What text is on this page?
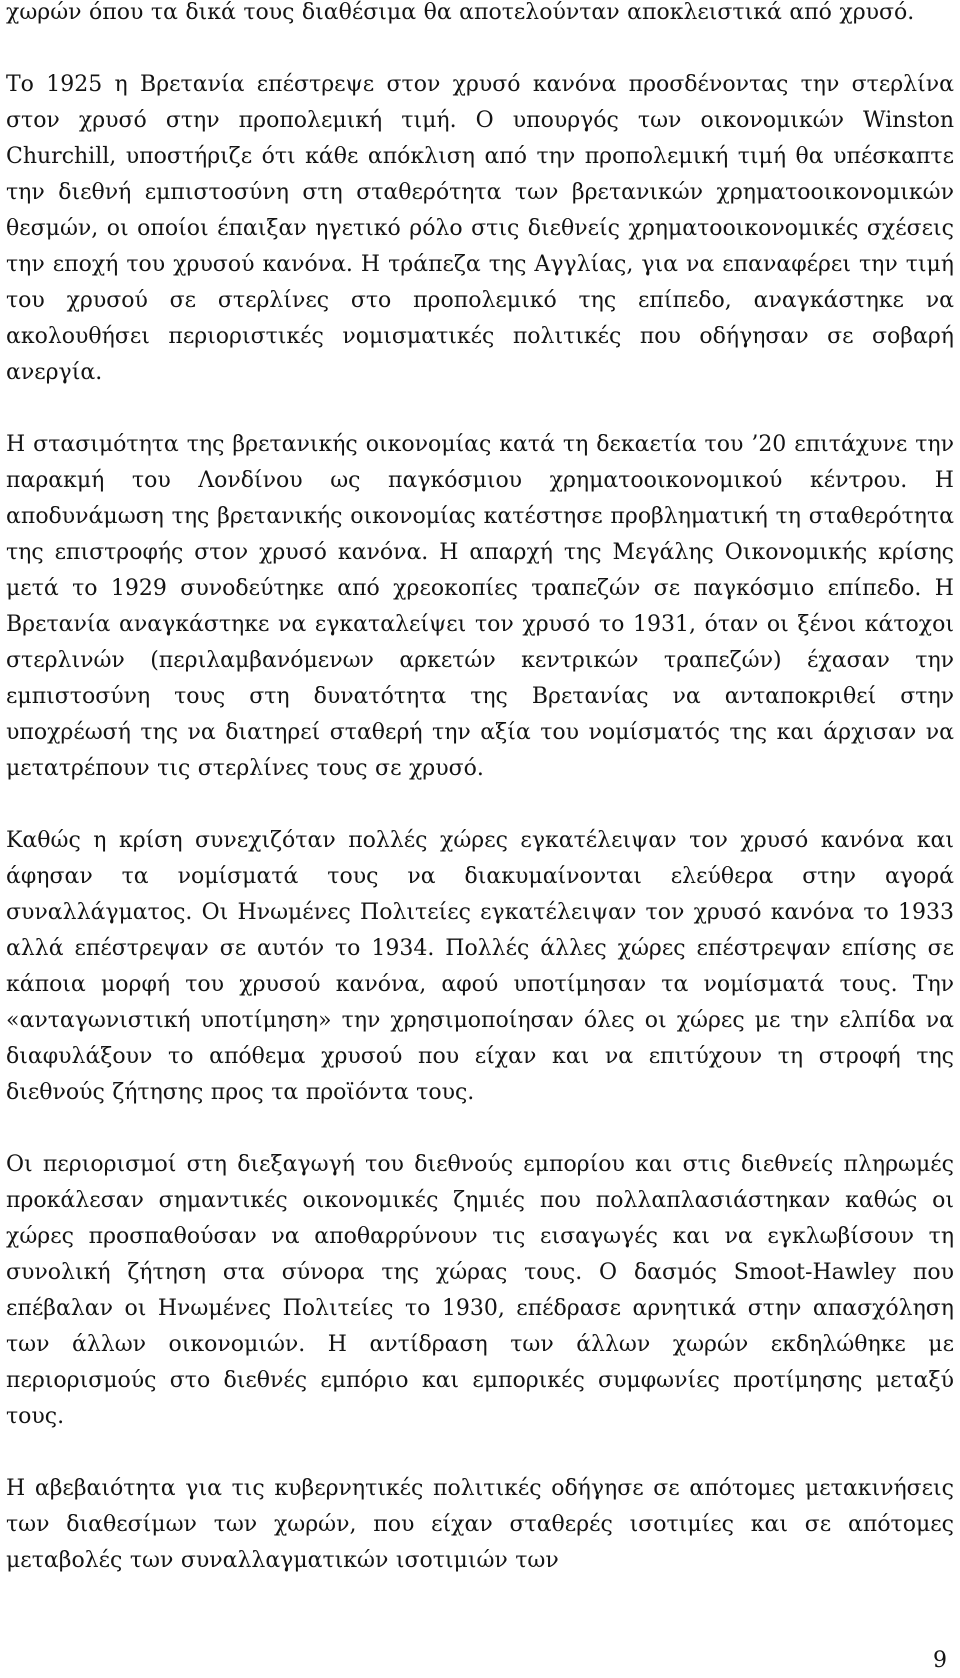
χωρών όπου τα δικά τους διαθέσιμα θα αποτελούνταν αποκλειστικά από χρυσό.

Το 1925 η Βρετανία επέστρεψε στον χρυσό κανόνα προσδένοντας την στερλίνα στον χρυσό στην προπολεμική τιμή. Ο υπουργός των οικονομικών Winston Churchill, υποστήριζε ότι κάθε απόκλιση από την προπολεμική τιμή θα υπέσκαπτε την διεθνή εμπιστοσύνη στη σταθερότητα των βρετανικών χρηματοοικονομικών θεσμών, οι οποίοι έπαιξαν ηγετικό ρόλο στις διεθνείς χρηματοοικονομικές σχέσεις την εποχή του χρυσού κανόνα. Η τράπεζα της Αγγλίας, για να επαναφέρει την τιμή του χρυσού σε στερλίνες στο προπολεμικό της επίπεδο, αναγκάστηκε να ακολουθήσει περιοριστικές νομισματικές πολιτικές που οδήγησαν σε σοβαρή ανεργία.

Η στασιμότητα της βρετανικής οικονομίας κατά τη δεκαετία του ’20 επιτάχυνε την παρακμή του Λονδίνου ως παγκόσμιου χρηματοοικονομικού κέντρου. Η αποδυνάμωση της βρετανικής οικονομίας κατέστησε προβληματική τη σταθερότητα της επιστροφής στον χρυσό κανόνα. Η απαρχή της Μεγάλης Οικονομικής κρίσης μετά το 1929 συνοδεύτηκε από χρεοκοπίες τραπεζών σε παγκόσμιο επίπεδο. Η Βρετανία αναγκάστηκε να εγκαταλείψει τον χρυσό το 1931, όταν οι ξένοι κάτοχοι στερλινών (περιλαμβανόμενων αρκετών κεντρικών τραπεζών) έχασαν την εμπιστοσύνη τους στη δυνατότητα της Βρετανίας να ανταποκριθεί στην υποχρέωσή της να διατηρεί σταθερή την αξία του νομίσματός της και άρχισαν να μετατρέπουν τις στερλίνες τους σε χρυσό.

Καθώς η κρίση συνεχιζόταν πολλές χώρες εγκατέλειψαν τον χρυσό κανόνα και άφησαν τα νομίσματά τους να διακυμαίνονται ελεύθερα στην αγορά συναλλάγματος. Οι Ηνωμένες Πολιτείες εγκατέλειψαν τον χρυσό κανόνα το 1933 αλλά επέστρεψαν σε αυτόν το 1934. Πολλές άλλες χώρες επέστρεψαν επίσης σε κάποια μορφή του χρυσού κανόνα, αφού υποτίμησαν τα νομίσματά τους. Την «ανταγωνιστική υποτίμηση» την χρησιμοποίησαν όλες οι χώρες με την ελπίδα να διαφυλάξουν το απόθεμα χρυσού που είχαν και να επιτύχουν τη στροφή της διεθνούς ζήτησης προς τα προϊόντα τους.

Οι περιορισμοί στη διεξαγωγή του διεθνούς εμπορίου και στις διεθνείς πληρωμές προκάλεσαν σημαντικές οικονομικές ζημιές που πολλαπλασιάστηκαν καθώς οι χώρες προσπαθούσαν να αποθαρρύνουν τις εισαγωγές και να εγκλωβίσουν τη συνολική ζήτηση στα σύνορα της χώρας τους. Ο δασμός Smoot-Hawley που επέβαλαν οι Ηνωμένες Πολιτείες το 1930, επέδρασε αρνητικά στην απασχόληση των άλλων οικονομιών. Η αντίδραση των άλλων χωρών εκδηλώθηκε με περιορισμούς στο διεθνές εμπόριο και εμπορικές συμφωνίες προτίμησης μεταξύ τους.

Η αβεβαιότητα για τις κυβερνητικές πολιτικές οδήγησε σε απότομες μετακινήσεις των διαθεσίμων των χωρών, που είχαν σταθερές ισοτιμίες και σε απότομες μεταβολές των συναλλαγματικών ισοτιμιών των

9
